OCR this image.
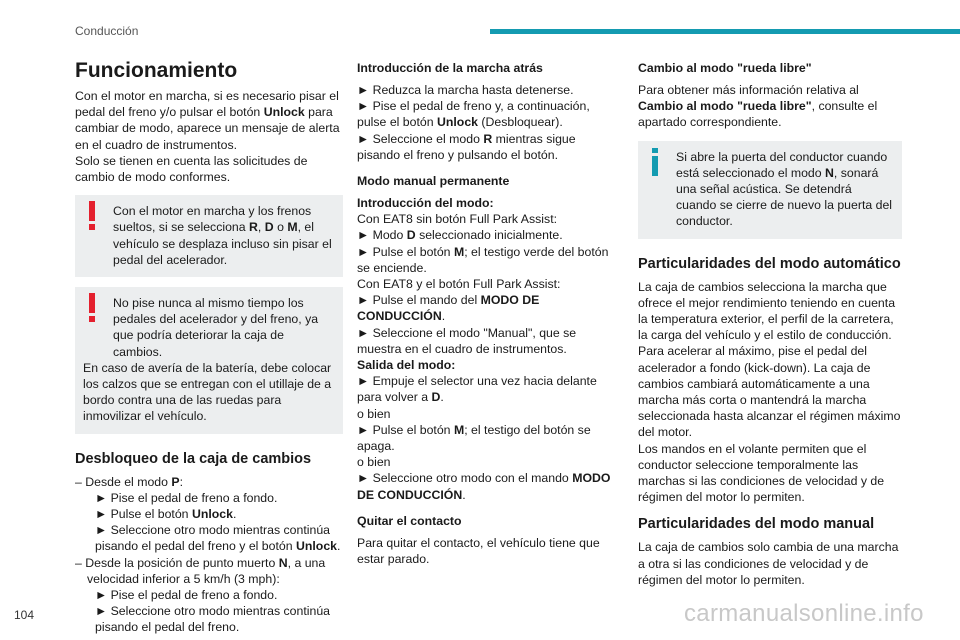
Conducción
Funcionamiento

Con el motor en marcha, si es necesario pisar el pedal del freno y/o pulsar el botón Unlock para cambiar de modo, aparece un mensaje de alerta en el cuadro de instrumentos.

Solo se tienen en cuenta las solicitudes de cambio de modo conformes.

Con el motor en marcha y los frenos sueltos, si se selecciona R, D o M, el vehículo se desplaza incluso sin pisar el pedal del acelerador.
No pise nunca al mismo tiempo los pedales del acelerador y del freno, ya que podría deteriorar la caja de cambios.
En caso de avería de la batería, debe colocar los calzos que se entregan con el utillaje de a bordo contra una de las ruedas para inmovilizar el vehículo.
Desbloqueo de la caja de cambios

– Desde el modo P:

► Pise el pedal de freno a fondo.

► Pulse el botón Unlock.

► Seleccione otro modo mientras continúa pisando el pedal del freno y el botón Unlock.

– Desde la posición de punto muerto N, a una velocidad inferior a 5 km/h (3 mph):

► Pise el pedal de freno a fondo.

► Seleccione otro modo mientras continúa pisando el pedal del freno.

Introducción de la marcha atrás

► Reduzca la marcha hasta detenerse.

► Pise el pedal de freno y, a continuación, pulse el botón Unlock (Desbloquear).

► Seleccione el modo R mientras sigue pisando el freno y pulsando el botón.

Modo manual permanente

Introducción del modo:

Con EAT8 sin botón Full Park Assist:

► Modo D seleccionado inicialmente.

► Pulse el botón M; el testigo verde del botón se enciende.

Con EAT8 y el botón Full Park Assist:

► Pulse el mando del MODO DE CONDUCCIÓN.

► Seleccione el modo "Manual", que se muestra en el cuadro de instrumentos.

Salida del modo:

► Empuje el selector una vez hacia delante para volver a D.

o bien

► Pulse el botón M; el testigo del botón se apaga.

o bien

► Seleccione otro modo con el mando MODO DE CONDUCCIÓN.

Quitar el contacto

Para quitar el contacto, el vehículo tiene que estar parado.

Cambio al modo "rueda libre"

Para obtener más información relativa al Cambio al modo "rueda libre", consulte el apartado correspondiente.

Si abre la puerta del conductor cuando está seleccionado el modo N, sonará una señal acústica. Se detendrá cuando se cierre de nuevo la puerta del conductor.
Particularidades del modo automático

La caja de cambios selecciona la marcha que ofrece el mejor rendimiento teniendo en cuenta la temperatura exterior, el perfil de la carretera, la carga del vehículo y el estilo de conducción.

Para acelerar al máximo, pise el pedal del acelerador a fondo (kick-down). La caja de cambios cambiará automáticamente a una marcha más corta o mantendrá la marcha seleccionada hasta alcanzar el régimen máximo del motor.

Los mandos en el volante permiten que el conductor seleccione temporalmente las marchas si las condiciones de velocidad y de régimen del motor lo permiten.

Particularidades del modo manual

La caja de cambios solo cambia de una marcha a otra si las condiciones de velocidad y de régimen del motor lo permiten.

104	carmanualsonline.info
